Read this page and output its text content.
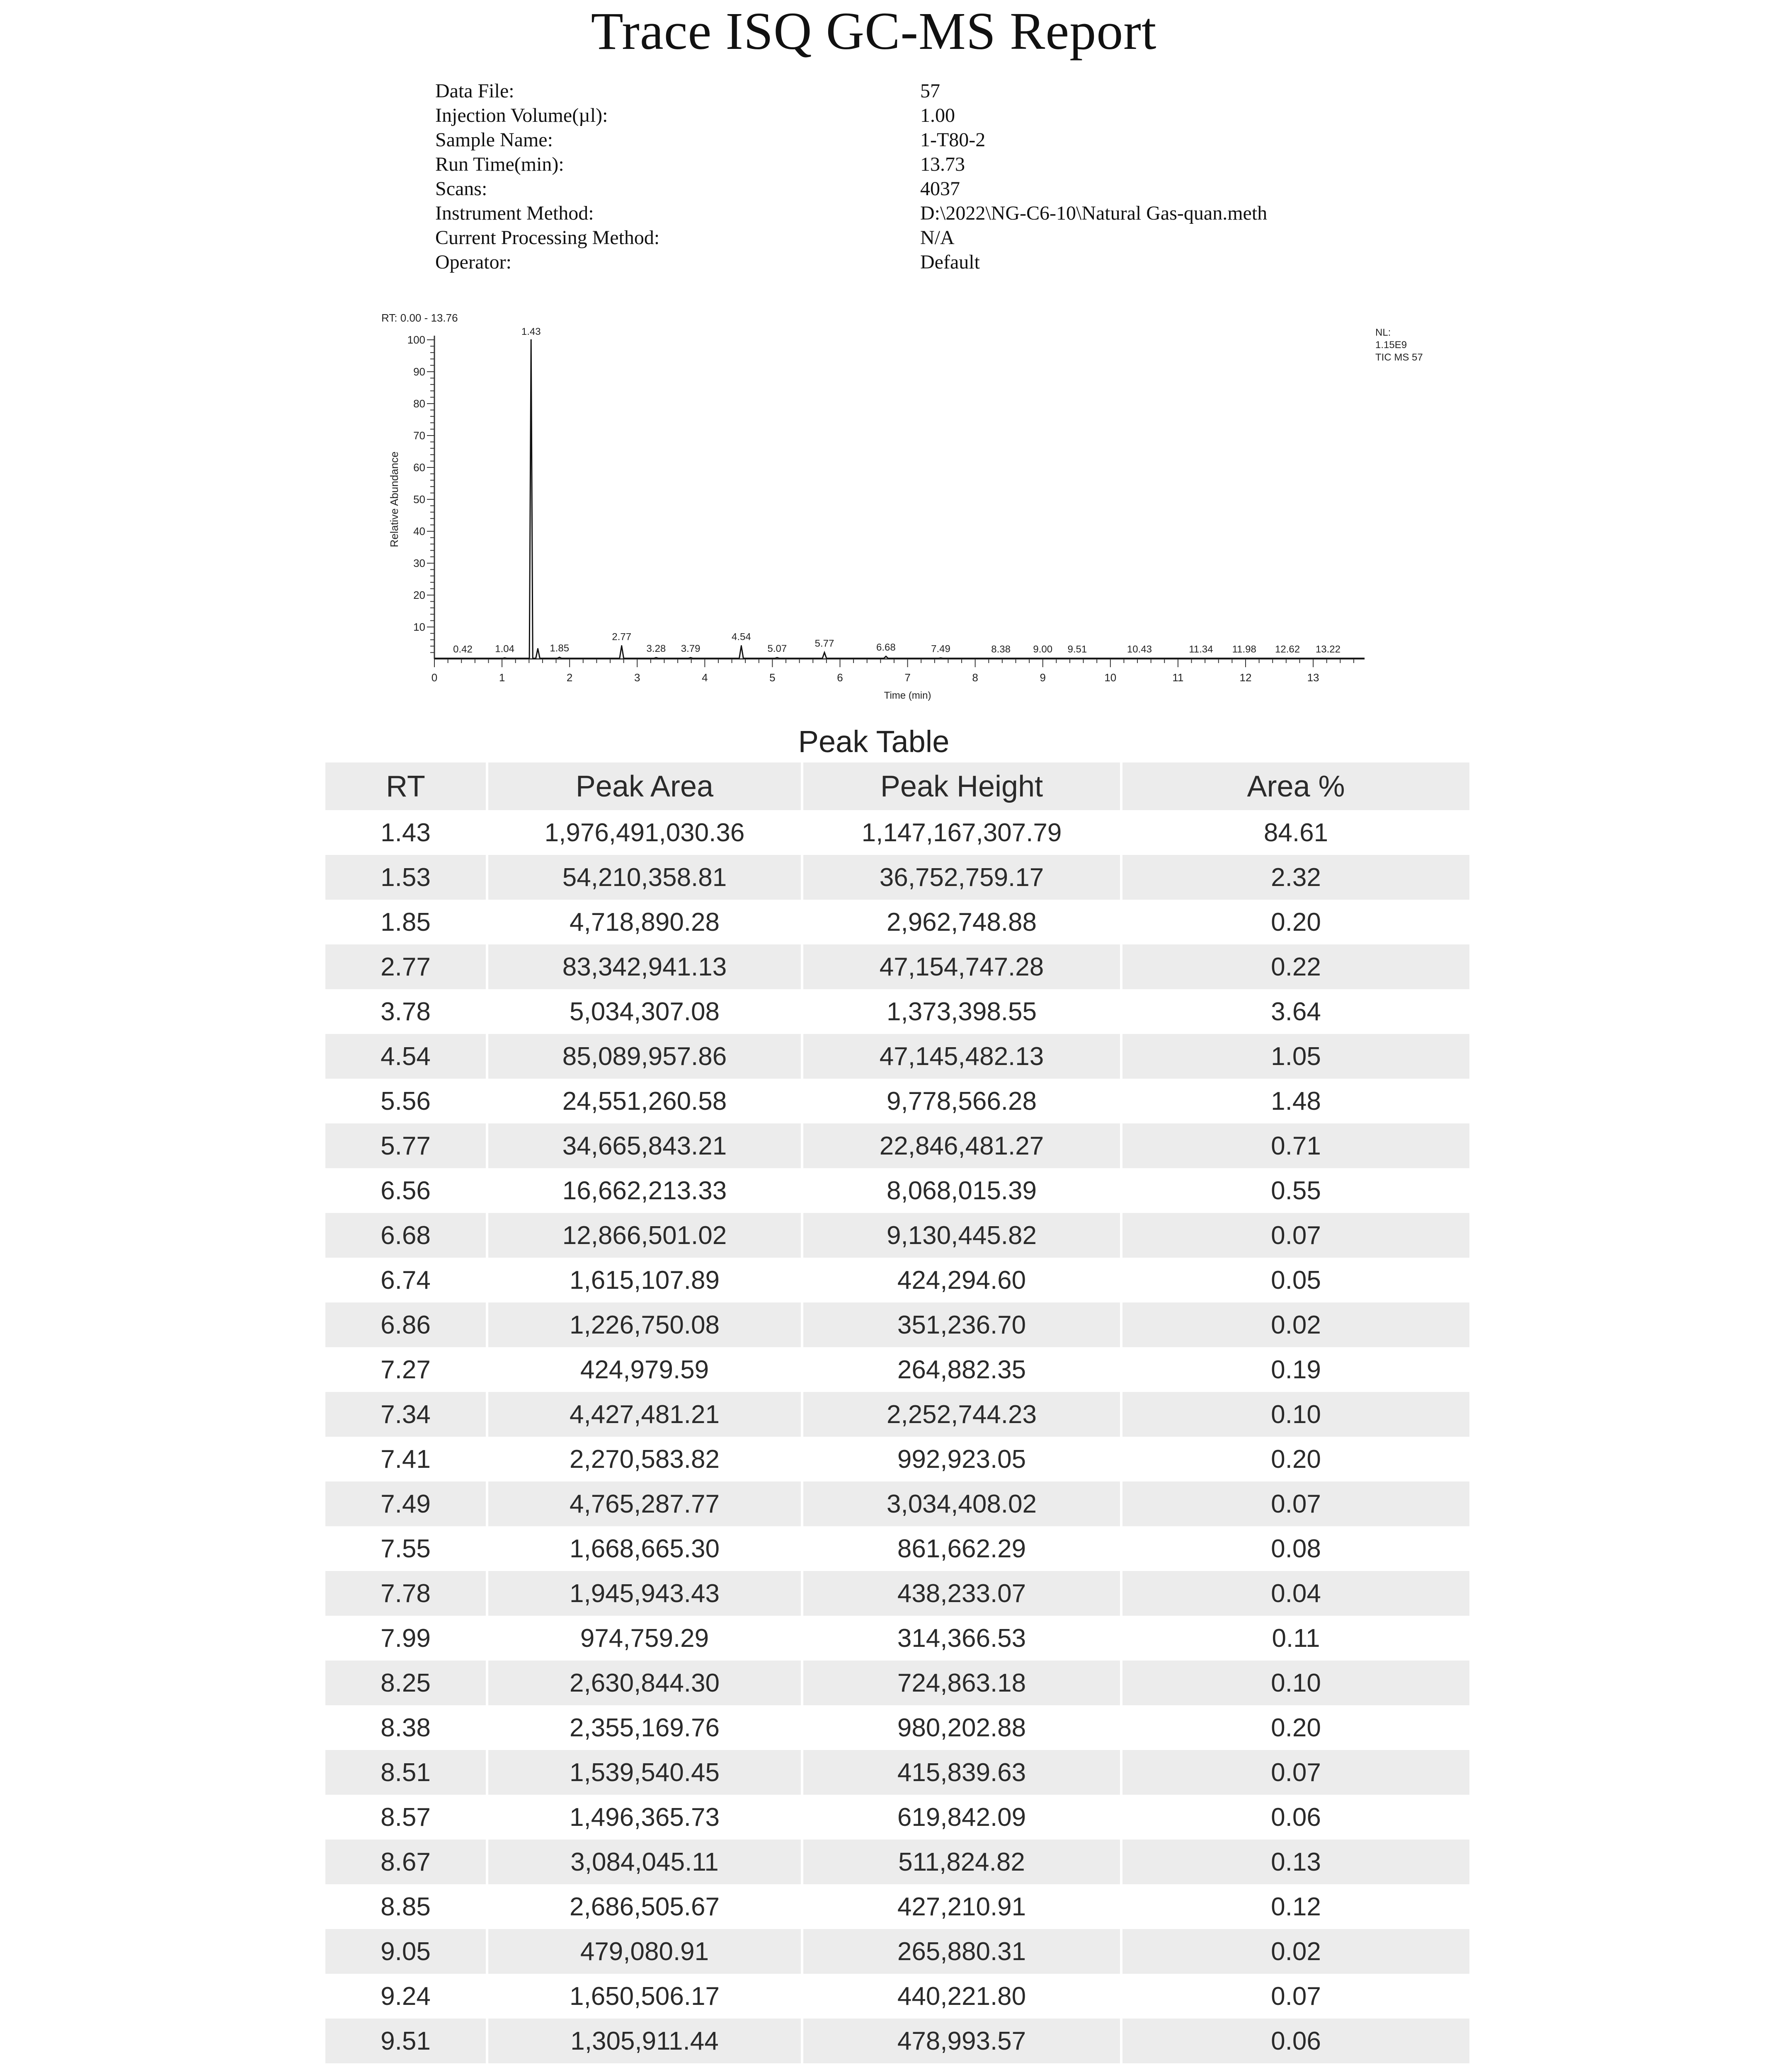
Trace ISQ GC-MS Report
Data File:	57
Injection Volume(µl):	1.00
Sample Name:	1-T80-2
Run Time(min):	13.73
Scans:	4037
Instrument Method:	D:\2022\NG-C6-10\Natural Gas-quan.meth
Current Processing Method:	N/A
Operator:	Default
10
20
30
40
50
60
70
80
90
100
0	1	2	3	4	5	6	7	8	9	10	11	12	13
0.42 1.04
1.43
1.85
2.77
3.28 3.79
4.54
5.07	5.77	6.68	7.49	8.38 9.00 9.51	10.43	11.34 11.98 12.62 13.22
RT: 0.00 - 13.76
NL:
1.15E9
TIC MS 57
Time (min)
Relative Abundance
Peak Table
RT	Peak Area	Peak Height	Area %
1.43	1,976,491,030.36	1,147,167,307.79	84.61
1.53	54,210,358.81	36,752,759.17	2.32
1.85	4,718,890.28	2,962,748.88	0.20
2.77	83,342,941.13	47,154,747.28	0.22
3.78	5,034,307.08	1,373,398.55	3.64
4.54	85,089,957.86	47,145,482.13	1.05
5.56	24,551,260.58	9,778,566.28	1.48
5.77	34,665,843.21	22,846,481.27	0.71
6.56	16,662,213.33	8,068,015.39	0.55
6.68	12,866,501.02	9,130,445.82	0.07
6.74	1,615,107.89	424,294.60	0.05
6.86	1,226,750.08	351,236.70	0.02
7.27	424,979.59	264,882.35	0.19
7.34	4,427,481.21	2,252,744.23	0.10
7.41	2,270,583.82	992,923.05	0.20
7.49	4,765,287.77	3,034,408.02	0.07
7.55	1,668,665.30	861,662.29	0.08
7.78	1,945,943.43	438,233.07	0.04
7.99	974,759.29	314,366.53	0.11
8.25	2,630,844.30	724,863.18	0.10
8.38	2,355,169.76	980,202.88	0.20
8.51	1,539,540.45	415,839.63	0.07
8.57	1,496,365.73	619,842.09	0.06
8.67	3,084,045.11	511,824.82	0.13
8.85	2,686,505.67	427,210.91	0.12
9.05	479,080.91	265,880.31	0.02
9.24	1,650,506.17	440,221.80	0.07
9.51	1,305,911.44	478,993.57	0.06
